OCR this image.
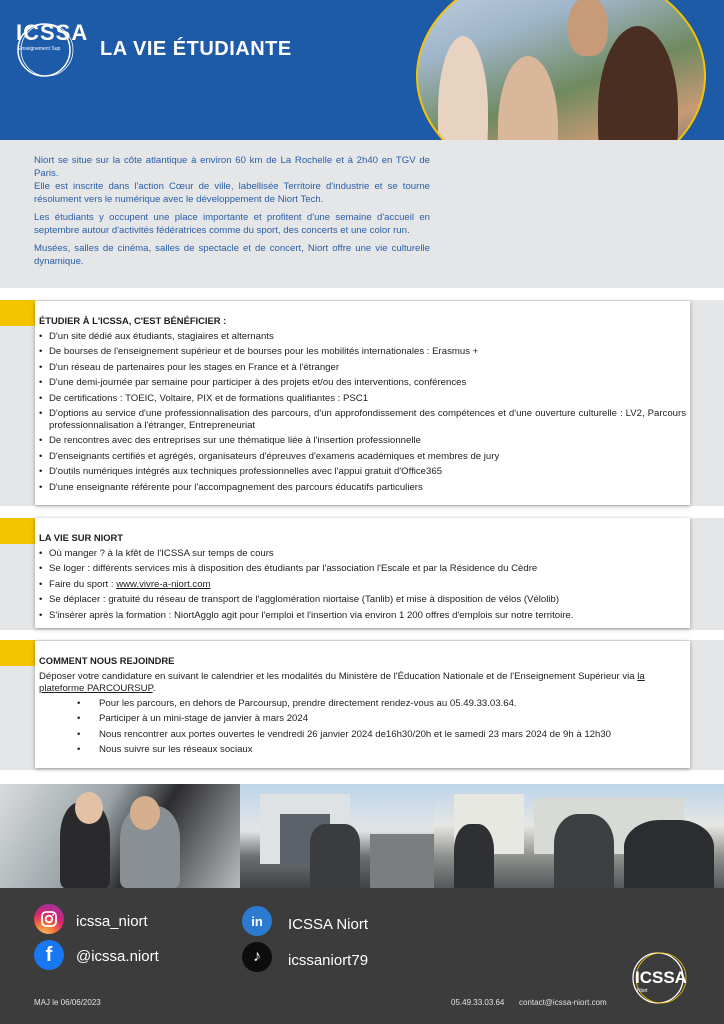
ICSSA
Enseignement Sup LA VIE ÉTUDIANTE

Niort se situe sur la côte atlantique à environ 60 km de La Rochelle et à 2h40 en TGV de Paris.
Elle est inscrite dans l'action Cœur de ville, labellisée Territoire d'industrie et se tourne résolument vers le numérique avec le développement de Niort Tech.

Les étudiants y occupent une place importante et profitent d'une semaine d'accueil en septembre autour d'activités fédératrices comme du sport, des concerts et une color run.

Musées, salles de cinéma, salles de spectacle et de concert, Niort offre une vie culturelle dynamique.

ÉTUDIER À L'ICSSA, C'EST BÉNÉFICIER :
• D'un site dédié aux étudiants, stagiaires et alternants
• De bourses de l'enseignement supérieur et de bourses pour les mobilités internationales : Erasmus +
• D'un réseau de partenaires pour les stages en France et à l'étranger
• D'une demi-journée par semaine pour participer à des projets et/ou des interventions, conférences
• De certifications : TOEIC, Voltaire, PIX et de formations qualifiantes : PSC1
• D'options au service d'une professionnalisation des parcours, d'un approfondissement des compétences et d'une ouverture culturelle : LV2, Parcours professionnalisation à l'étranger, Entrepreneuriat
• De rencontres avec des entreprises sur une thématique liée à l'insertion professionnelle
• D'enseignants certifiés et agrégés, organisateurs d'épreuves d'examens académiques et membres de jury
• D'outils numériques intégrés aux techniques professionnelles avec l'appui gratuit d'Office365
• D'une enseignante référente pour l'accompagnement des parcours éducatifs particuliers
LA VIE SUR NIORT
• Où manger ? à la kfêt de l'ICSSA sur temps de cours
• Se loger : différents services mis à disposition des étudiants par l'association l'Escale et par la Résidence du Cèdre
• Faire du sport : www.vivre-a-niort.com
• Se déplacer : gratuité du réseau de transport de l'agglomération niortaise (Tanlib) et mise à disposition de vélos (Vélolib)
• S'insérer après la formation : NiortAgglo agit pour l'emploi et l'insertion via environ 1 200 offres d'emplois sur notre territoire.
COMMENT NOUS REJOINDRE

Déposer votre candidature en suivant le calendrier et les modalités du Ministère de l'Éducation Nationale et de l'Enseignement Supérieur via la plateforme PARCOURSUP.

• Pour les parcours, en dehors de Parcoursup, prendre directement rendez-vous au 05.49.33.03.64.
• Participer à un mini-stage de janvier à mars 2024
• Nous rencontrer aux portes ouvertes le vendredi 26 janvier 2024 de16h30/20h et le samedi 23 mars 2024 de 9h à 12h30
• Nous suivre sur les réseaux sociaux
icssa_niort
f	@icssa.niort
in	ICSSA Niort
♪	icssaniort79
MAJ le 06/06/2023	05.49.33.03.64 contact@icssa-niort.com
ICSSA
Niort
